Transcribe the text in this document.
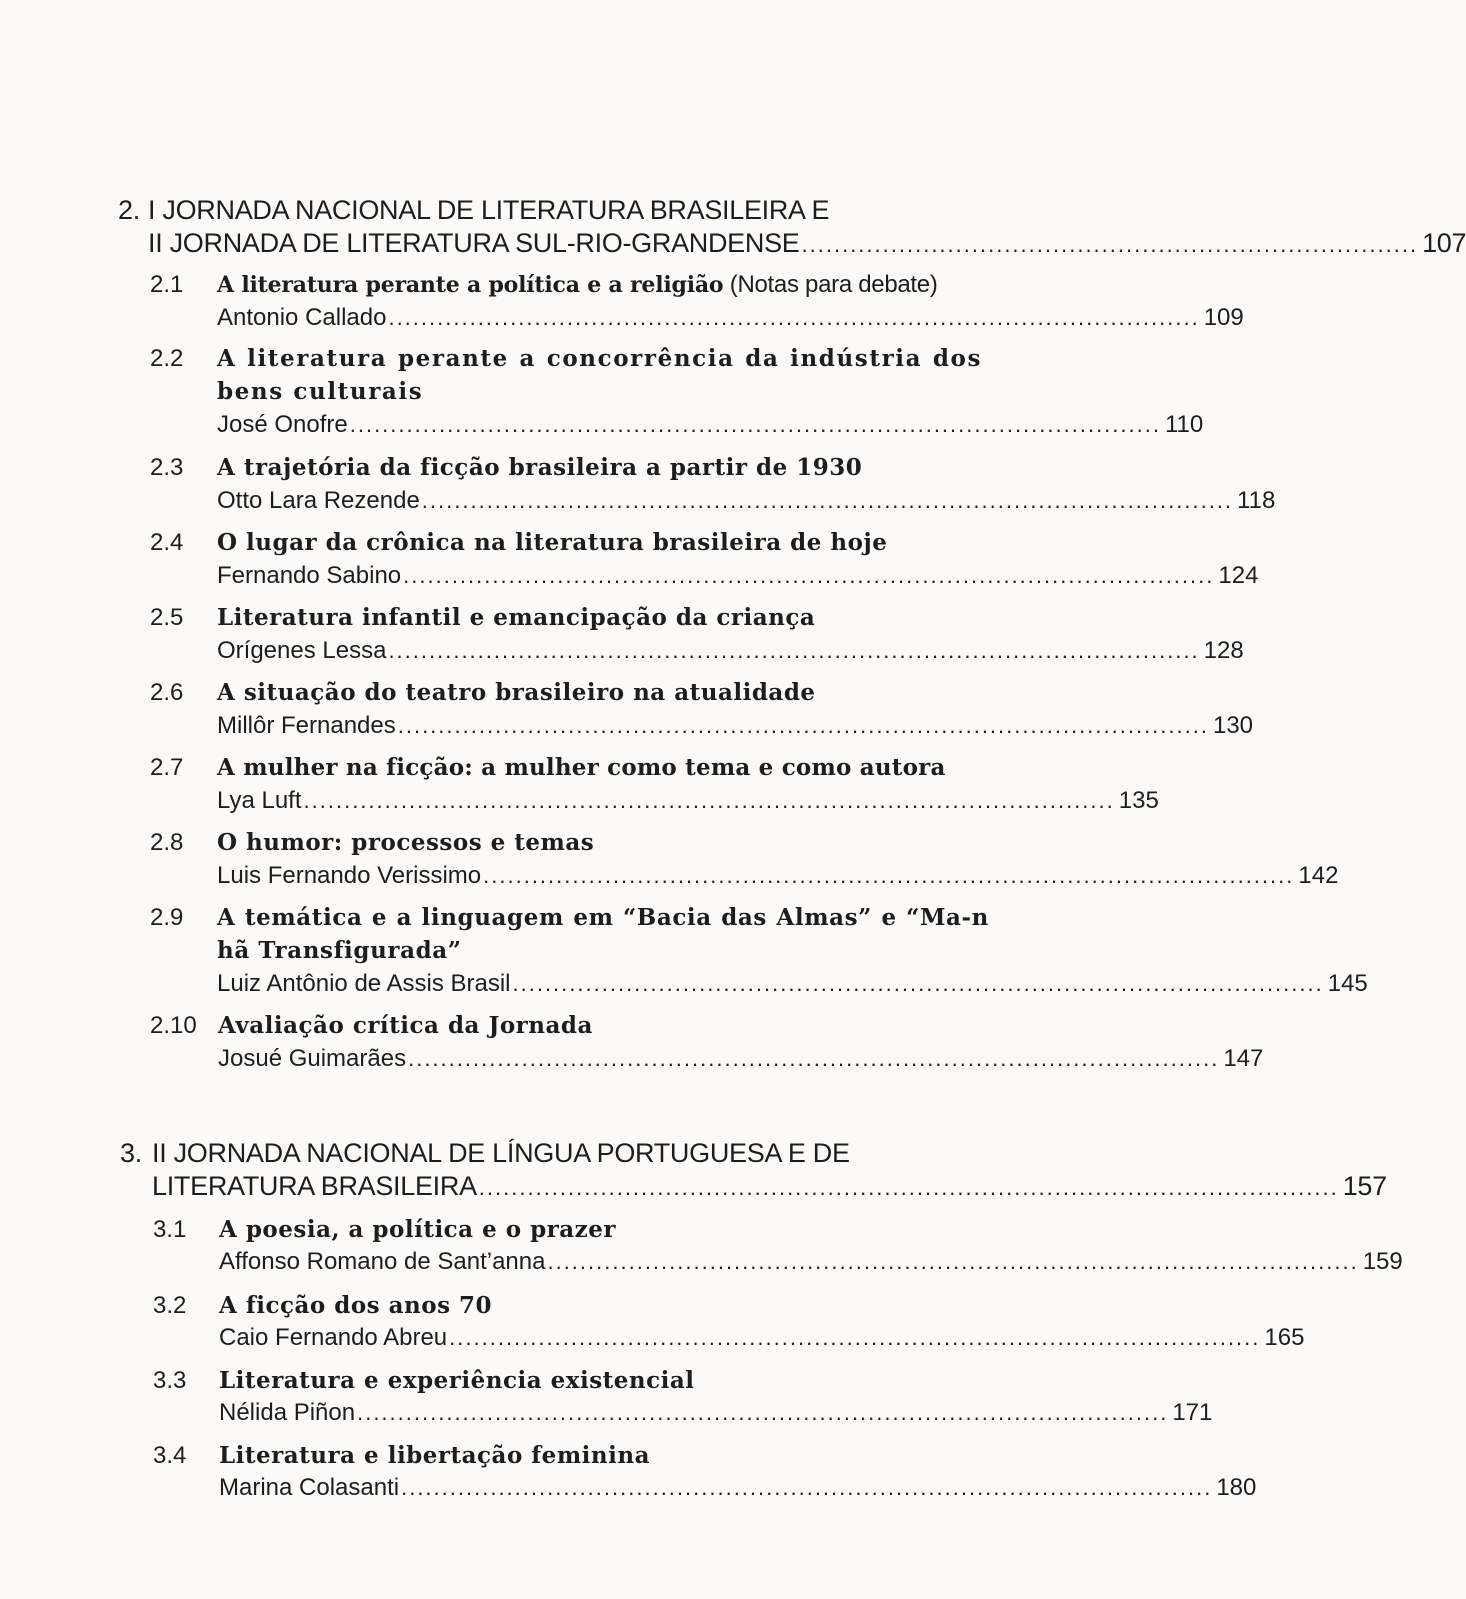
2. I JORNADA NACIONAL DE LITERATURA BRASILEIRA E
II JORNADA DE LITERATURA SUL-RIO-GRANDENSE ............................................................................ 107
2.1 A literatura perante a política e a religião (Notas para debate)
Antonio Callado .................................................................................................... 109
2.2 A literatura perante a concorrência da indústria dos bens culturais
José Onofre .................................................................................................... 110
2.3 A trajetória da ficção brasileira a partir de 1930
Otto Lara Rezende .................................................................................................... 118
2.4 O lugar da crônica na literatura brasileira de hoje
Fernando Sabino .................................................................................................... 124
2.5 Literatura infantil e emancipação da criança
Orígenes Lessa .................................................................................................... 128
2.6 A situação do teatro brasileiro na atualidade
Millôr Fernandes .................................................................................................... 130
2.7 A mulher na ficção: a mulher como tema e como autora
Lya Luft .................................................................................................... 135
2.8 O humor: processos e temas
Luis Fernando Verissimo .................................................................................................... 142
2.9 A temática e a linguagem em “Bacia das Almas” e “Ma-nhã Transfigurada”
Luiz Antônio de Assis Brasil .................................................................................................... 145
2.10 Avaliação crítica da Jornada
Josué Guimarães .................................................................................................... 147
3. II JORNADA NACIONAL DE LÍNGUA PORTUGUESA E DE
LITERATURA BRASILEIRA .......................................................................................................... 157
3.1 A poesia, a política e o prazer
Affonso Romano de Sant’anna .................................................................................................... 159
3.2 A ficção dos anos 70
Caio Fernando Abreu .................................................................................................... 165
3.3 Literatura e experiência existencial
Nélida Piñon .................................................................................................... 171
3.4 Literatura e libertação feminina
Marina Colasanti .................................................................................................... 180
